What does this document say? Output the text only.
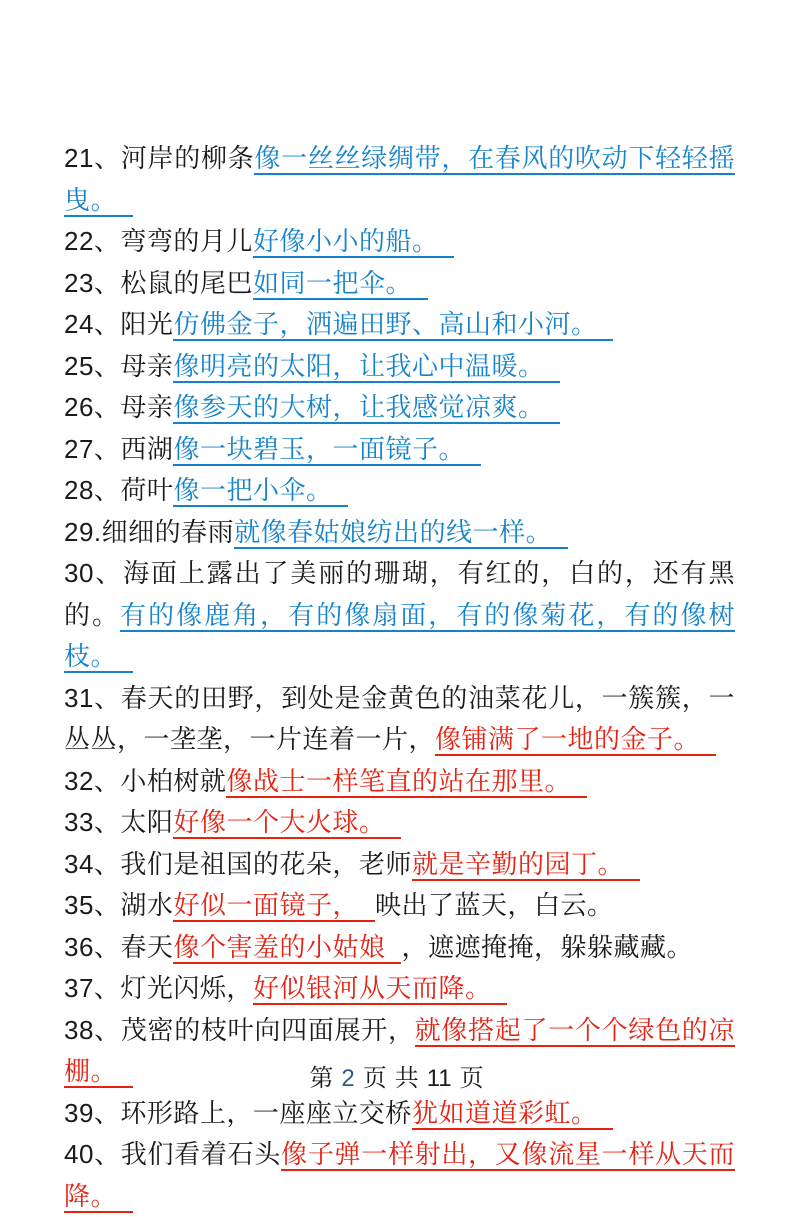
21、河岸的柳条像一丝丝绿绸带，在春风的吹动下轻轻摇曳。

22、弯弯的月儿好像小小的船。

23、松鼠的尾巴如同一把伞。

24、阳光仿佛金子，洒遍田野、高山和小河。

25、母亲像明亮的太阳，让我心中温暖。

26、母亲像参天的大树，让我感觉凉爽。

27、西湖像一块碧玉，一面镜子。

28、荷叶像一把小伞。

29.细细的春雨就像春姑娘纺出的线一样。

30、海面上露出了美丽的珊瑚，有红的，白的，还有黑的。有的像鹿角，有的像扇面，有的像菊花，有的像树枝。

31、春天的田野，到处是金黄色的油菜花儿，一簇簇，一丛丛，一垄垄，一片连着一片，像铺满了一地的金子。

32、小柏树就像战士一样笔直的站在那里。

33、太阳好像一个大火球。

34、我们是祖国的花朵，老师就是辛勤的园丁。

35、湖水好似一面镜子， 映出了蓝天，白云。

36、春天像个害羞的小姑娘 ，遮遮掩掩，躲躲藏藏。

37、灯光闪烁，好似银河从天而降。

38、茂密的枝叶向四面展开，就像搭起了一个个绿色的凉棚。

39、环形路上，一座座立交桥犹如道道彩虹。

40、我们看着石头像子弹一样射出，又像流星一样从天而降。

第 2 页 共 11 页
